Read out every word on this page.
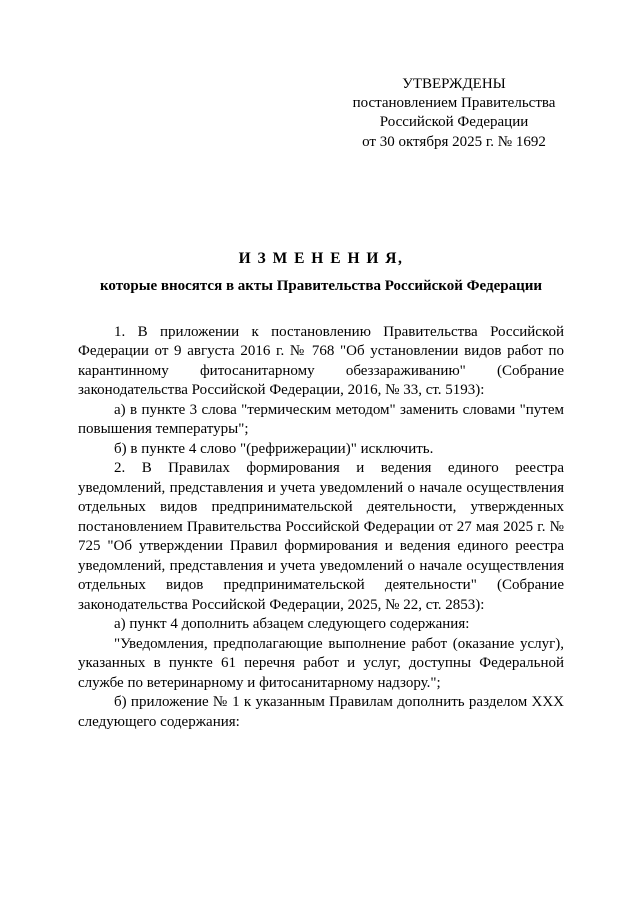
УТВЕРЖДЕНЫ
постановлением Правительства
Российской Федерации
от 30 октября 2025 г. № 1692
И З М Е Н Е Н И Я,
которые вносятся в акты Правительства Российской Федерации

1. В приложении к постановлению Правительства Российской Федерации от 9 августа 2016 г. № 768 "Об установлении видов работ по карантинному фитосанитарному обеззараживанию" (Собрание законодательства Российской Федерации, 2016, № 33, ст. 5193):

а) в пункте 3 слова "термическим методом" заменить словами "путем повышения температуры";

б) в пункте 4 слово "(рефрижерации)" исключить.

2. В Правилах формирования и ведения единого реестра уведомлений, представления и учета уведомлений о начале осуществления отдельных видов предпринимательской деятельности, утвержденных постановлением Правительства Российской Федерации от 27 мая 2025 г. № 725 "Об утверждении Правил формирования и ведения единого реестра уведомлений, представления и учета уведомлений о начале осуществления отдельных видов предпринимательской деятельности" (Собрание законодательства Российской Федерации, 2025, № 22, ст. 2853):

а) пункт 4 дополнить абзацем следующего содержания:

"Уведомления, предполагающие выполнение работ (оказание услуг), указанных в пункте 61 перечня работ и услуг, доступны Федеральной службе по ветеринарному и фитосанитарному надзору.";

б) приложение № 1 к указанным Правилам дополнить разделом XXX следующего содержания:
